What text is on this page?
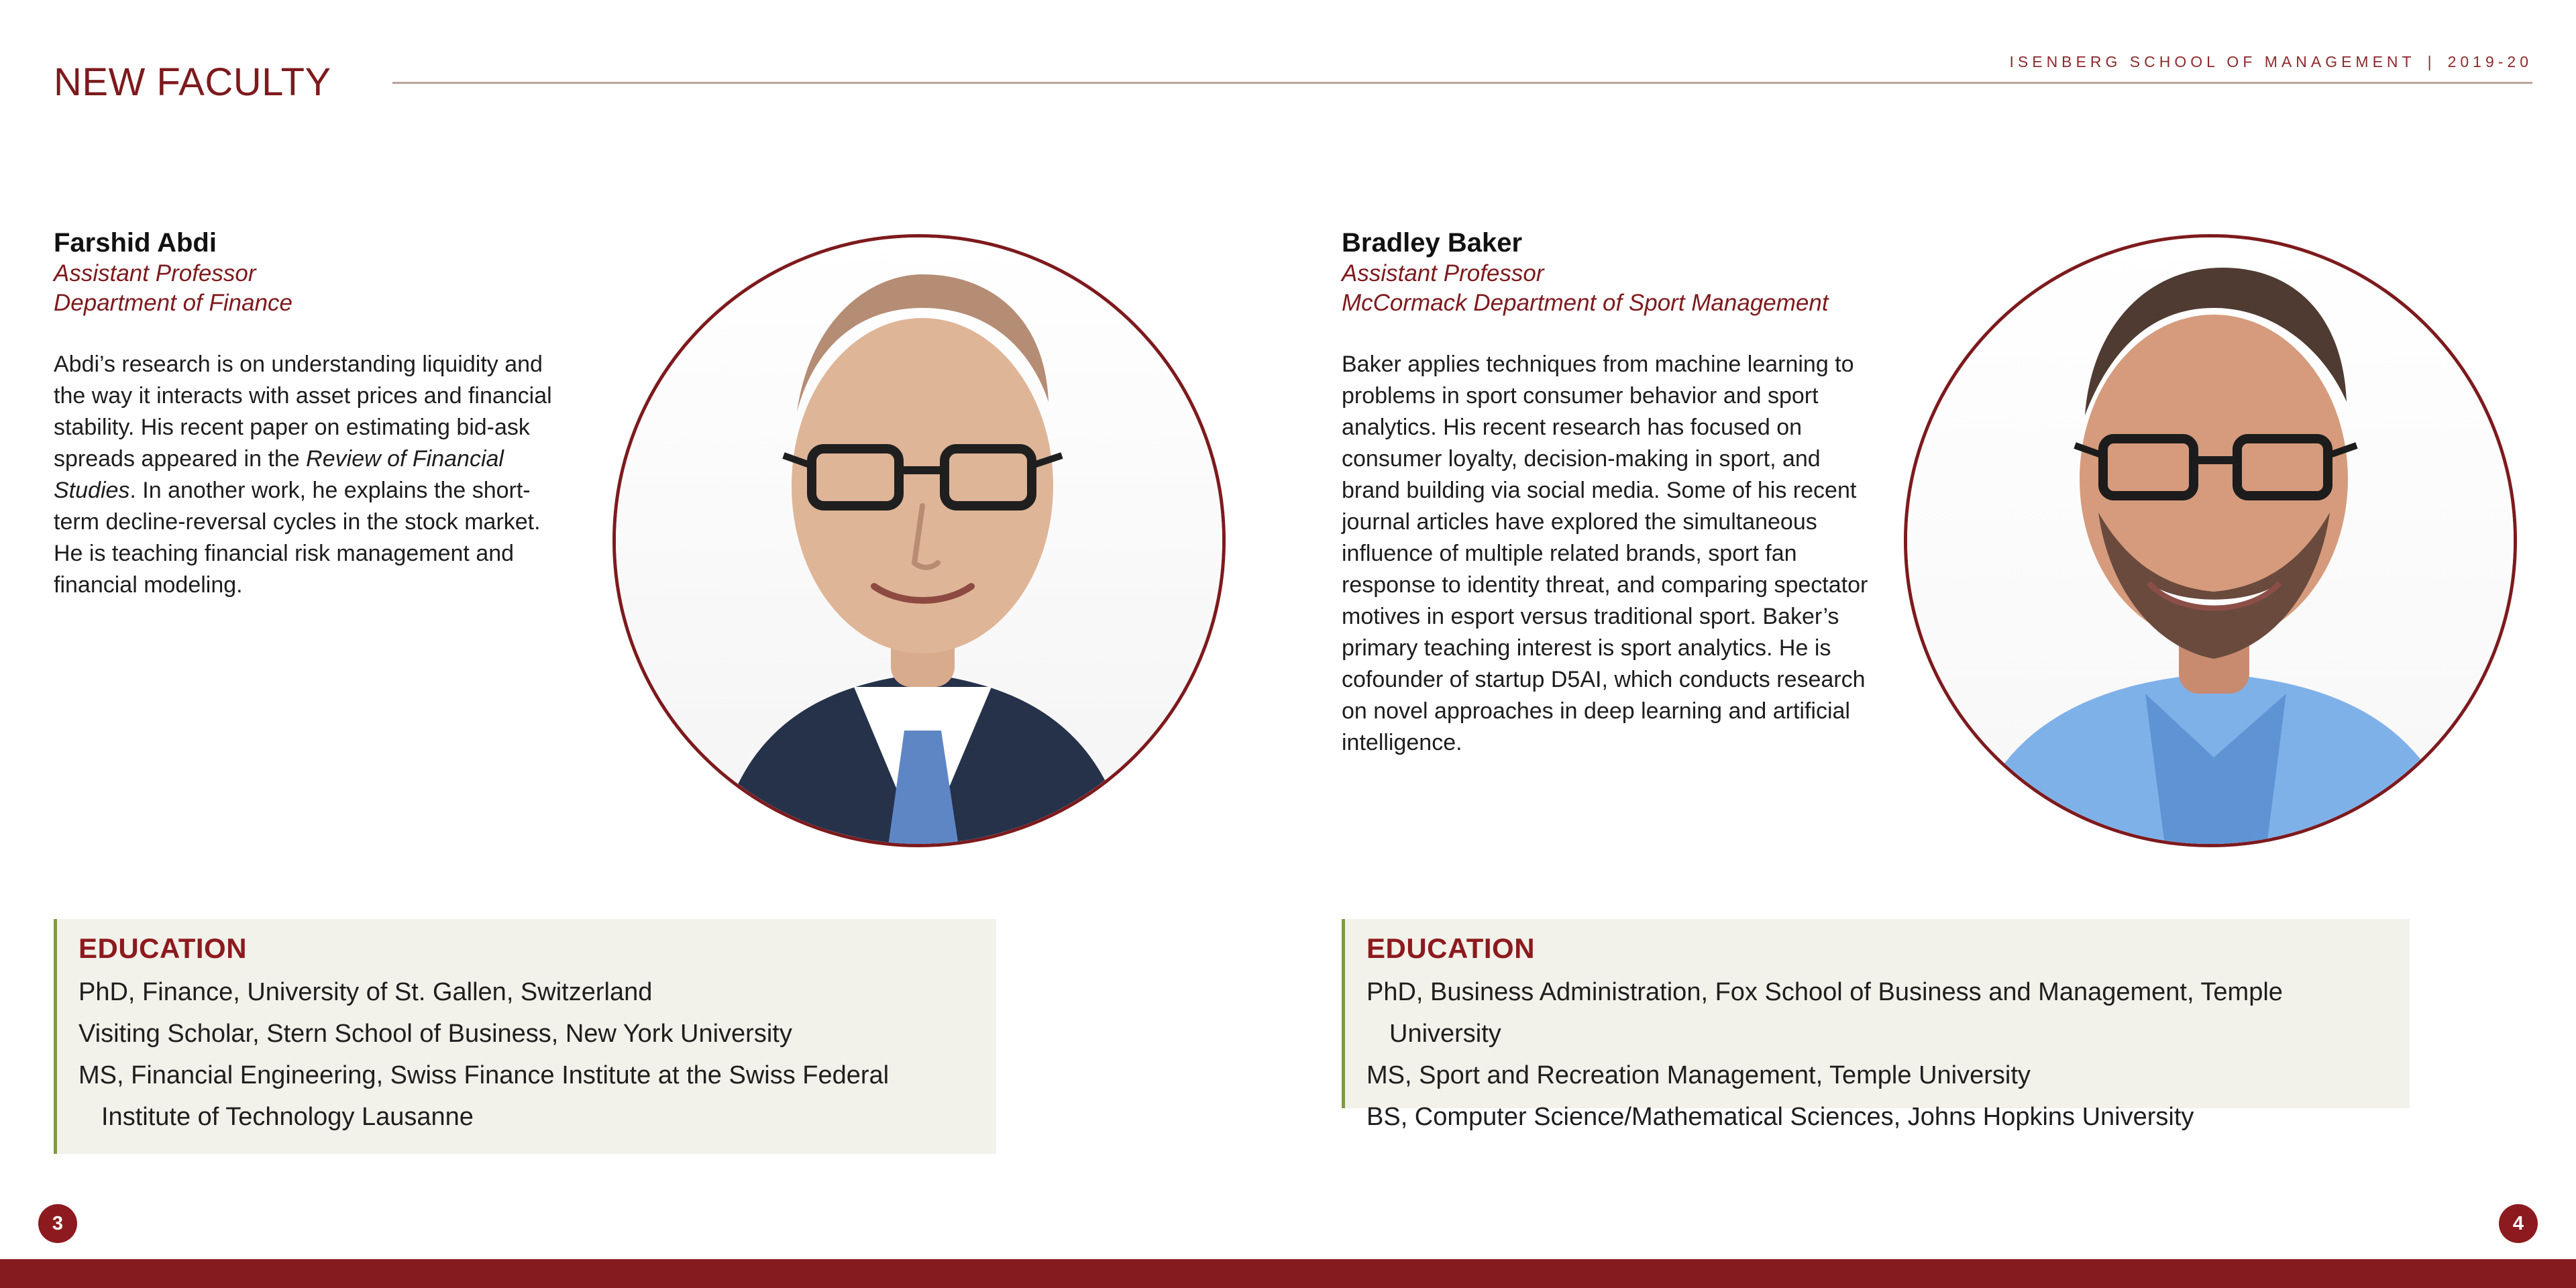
NEW FACULTY	ISENBERG SCHOOL OF MANAGEMENT | 2019-20
Farshid Abdi
Assistant Professor
Department of Finance
Abdi’s research is on understanding liquidity and the way it interacts with asset prices and financial stability. His recent paper on estimating bid-ask spreads appeared in the Review of Financial Studies. In another work, he explains the short-term decline-reversal cycles in the stock market. He is teaching financial risk management and financial modeling.
Bradley Baker
Assistant Professor
McCormack Department of Sport Management
Baker applies techniques from machine learning to problems in sport consumer behavior and sport analytics. His recent research has focused on consumer loyalty, decision-making in sport, and brand building via social media. Some of his recent journal articles have explored the simultaneous influence of multiple related brands, sport fan response to identity threat, and comparing spectator motives in esport versus traditional sport. Baker’s primary teaching interest is sport analytics. He is cofounder of startup D5AI, which conducts research on novel approaches in deep learning and artificial intelligence.
EDUCATION
PhD, Finance, University of St. Gallen, Switzerland
Visiting Scholar, Stern School of Business, New York University
MS, Financial Engineering, Swiss Finance Institute at the Swiss Federal Institute of Technology Lausanne
EDUCATION
PhD, Business Administration, Fox School of Business and Management, Temple University
MS, Sport and Recreation Management, Temple University
BS, Computer Science/Mathematical Sciences, Johns Hopkins University
3	4
